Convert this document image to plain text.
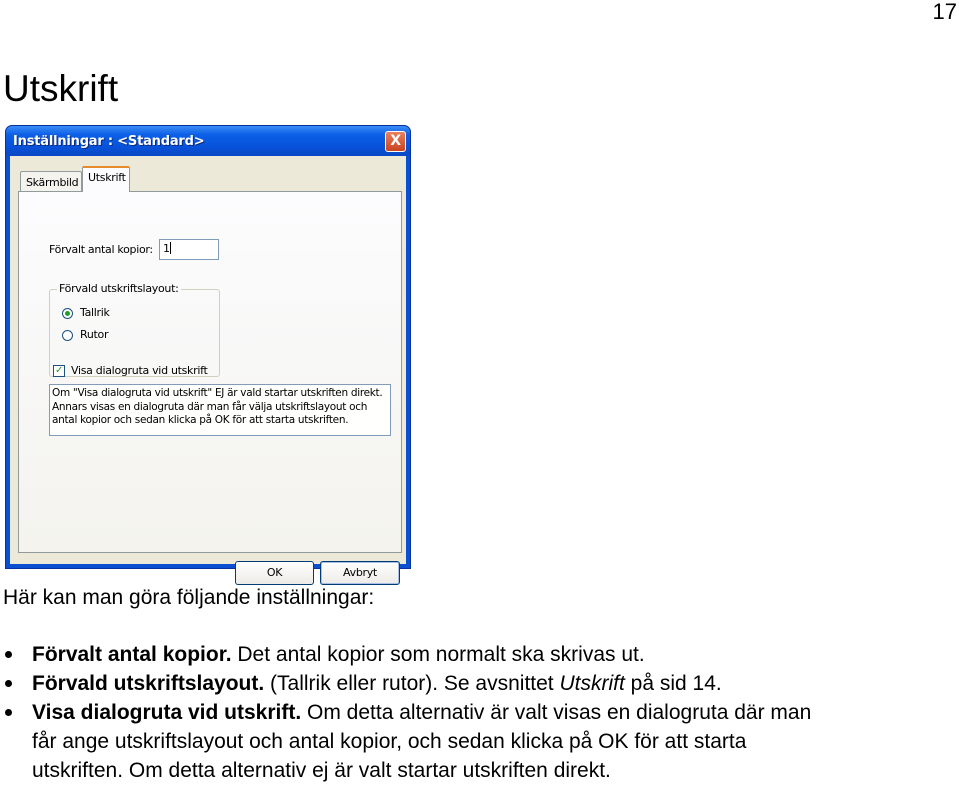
17
Utskrift
Inställningar : <Standard>	X
Skärmbild Utskrift
Förvalt antal kopior: 1
Förvald utskriftslayout:
Tallrik
Rutor
✓ Visa dialogruta vid utskrift
Om "Visa dialogruta vid utskrift" EJ är vald startar utskriften direkt.
Annars visas en dialogruta där man får välja utskriftslayout och
antal kopior och sedan klicka på OK för att starta utskriften.
OK	Avbryt

Här kan man göra följande inställningar:

Förvalt antal kopior. Det antal kopior som normalt ska skrivas ut.
Förvald utskriftslayout. (Tallrik eller rutor). Se avsnittet Utskrift på sid 14.
Visa dialogruta vid utskrift. Om detta alternativ är valt visas en dialogruta där man
får ange utskriftslayout och antal kopior, och sedan klicka på OK för att starta
utskriften. Om detta alternativ ej är valt startar utskriften direkt.
